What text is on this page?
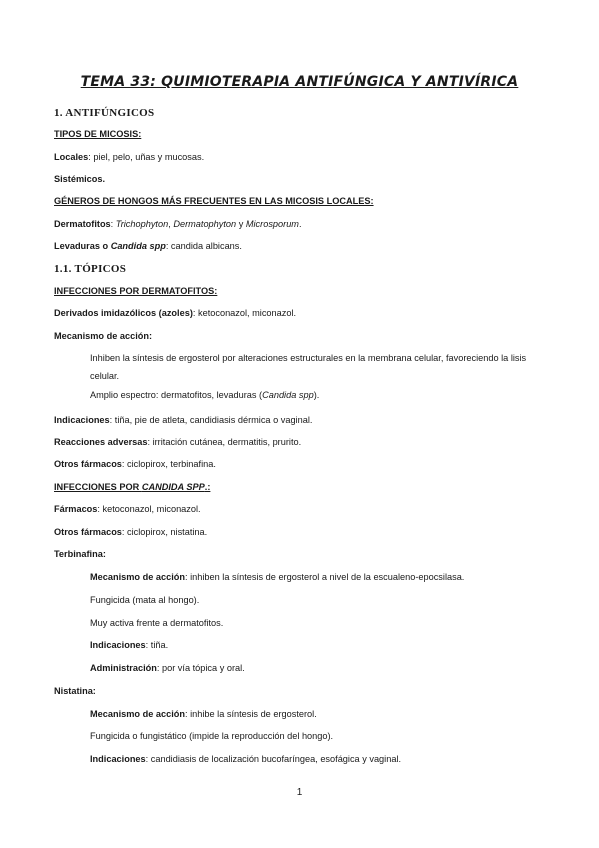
TEMA 33: QUIMIOTERAPIA ANTIFÚNGICA Y ANTIVÍRICA
1. ANTIFÚNGICOS
TIPOS DE MICOSIS:
Locales: piel, pelo, uñas y mucosas.
Sistémicos.
GÉNEROS DE HONGOS MÁS FRECUENTES EN LAS MICOSIS LOCALES:
Dermatofitos: Trichophyton, Dermatophyton y Microsporum.
Levaduras o Candida spp: candida albicans.
1.1. TÓPICOS
INFECCIONES POR DERMATOFITOS:
Derivados imidazólicos (azoles): ketoconazol, miconazol.
Mecanismo de acción:
Inhiben la síntesis de ergosterol por alteraciones estructurales en la membrana celular, favoreciendo la lisis celular.
Amplio espectro: dermatofitos, levaduras (Candida spp).
Indicaciones: tiña, pie de atleta, candidiasis dérmica o vaginal.
Reacciones adversas: irritación cutánea, dermatitis, prurito.
Otros fármacos: ciclopirox, terbinafina.
INFECCIONES POR CANDIDA SPP.:
Fármacos: ketoconazol, miconazol.
Otros fármacos: ciclopirox, nistatina.
Terbinafina:
Mecanismo de acción: inhiben la síntesis de ergosterol a nivel de la escualeno-epocsilasa.
Fungicida (mata al hongo).
Muy activa frente a dermatofitos.
Indicaciones: tiña.
Administración: por vía tópica y oral.
Nistatina:
Mecanismo de acción: inhibe la síntesis de ergosterol.
Fungicida o fungistático (impide la reproducción del hongo).
Indicaciones: candidiasis de localización bucofaríngea, esofágica y vaginal.
1
